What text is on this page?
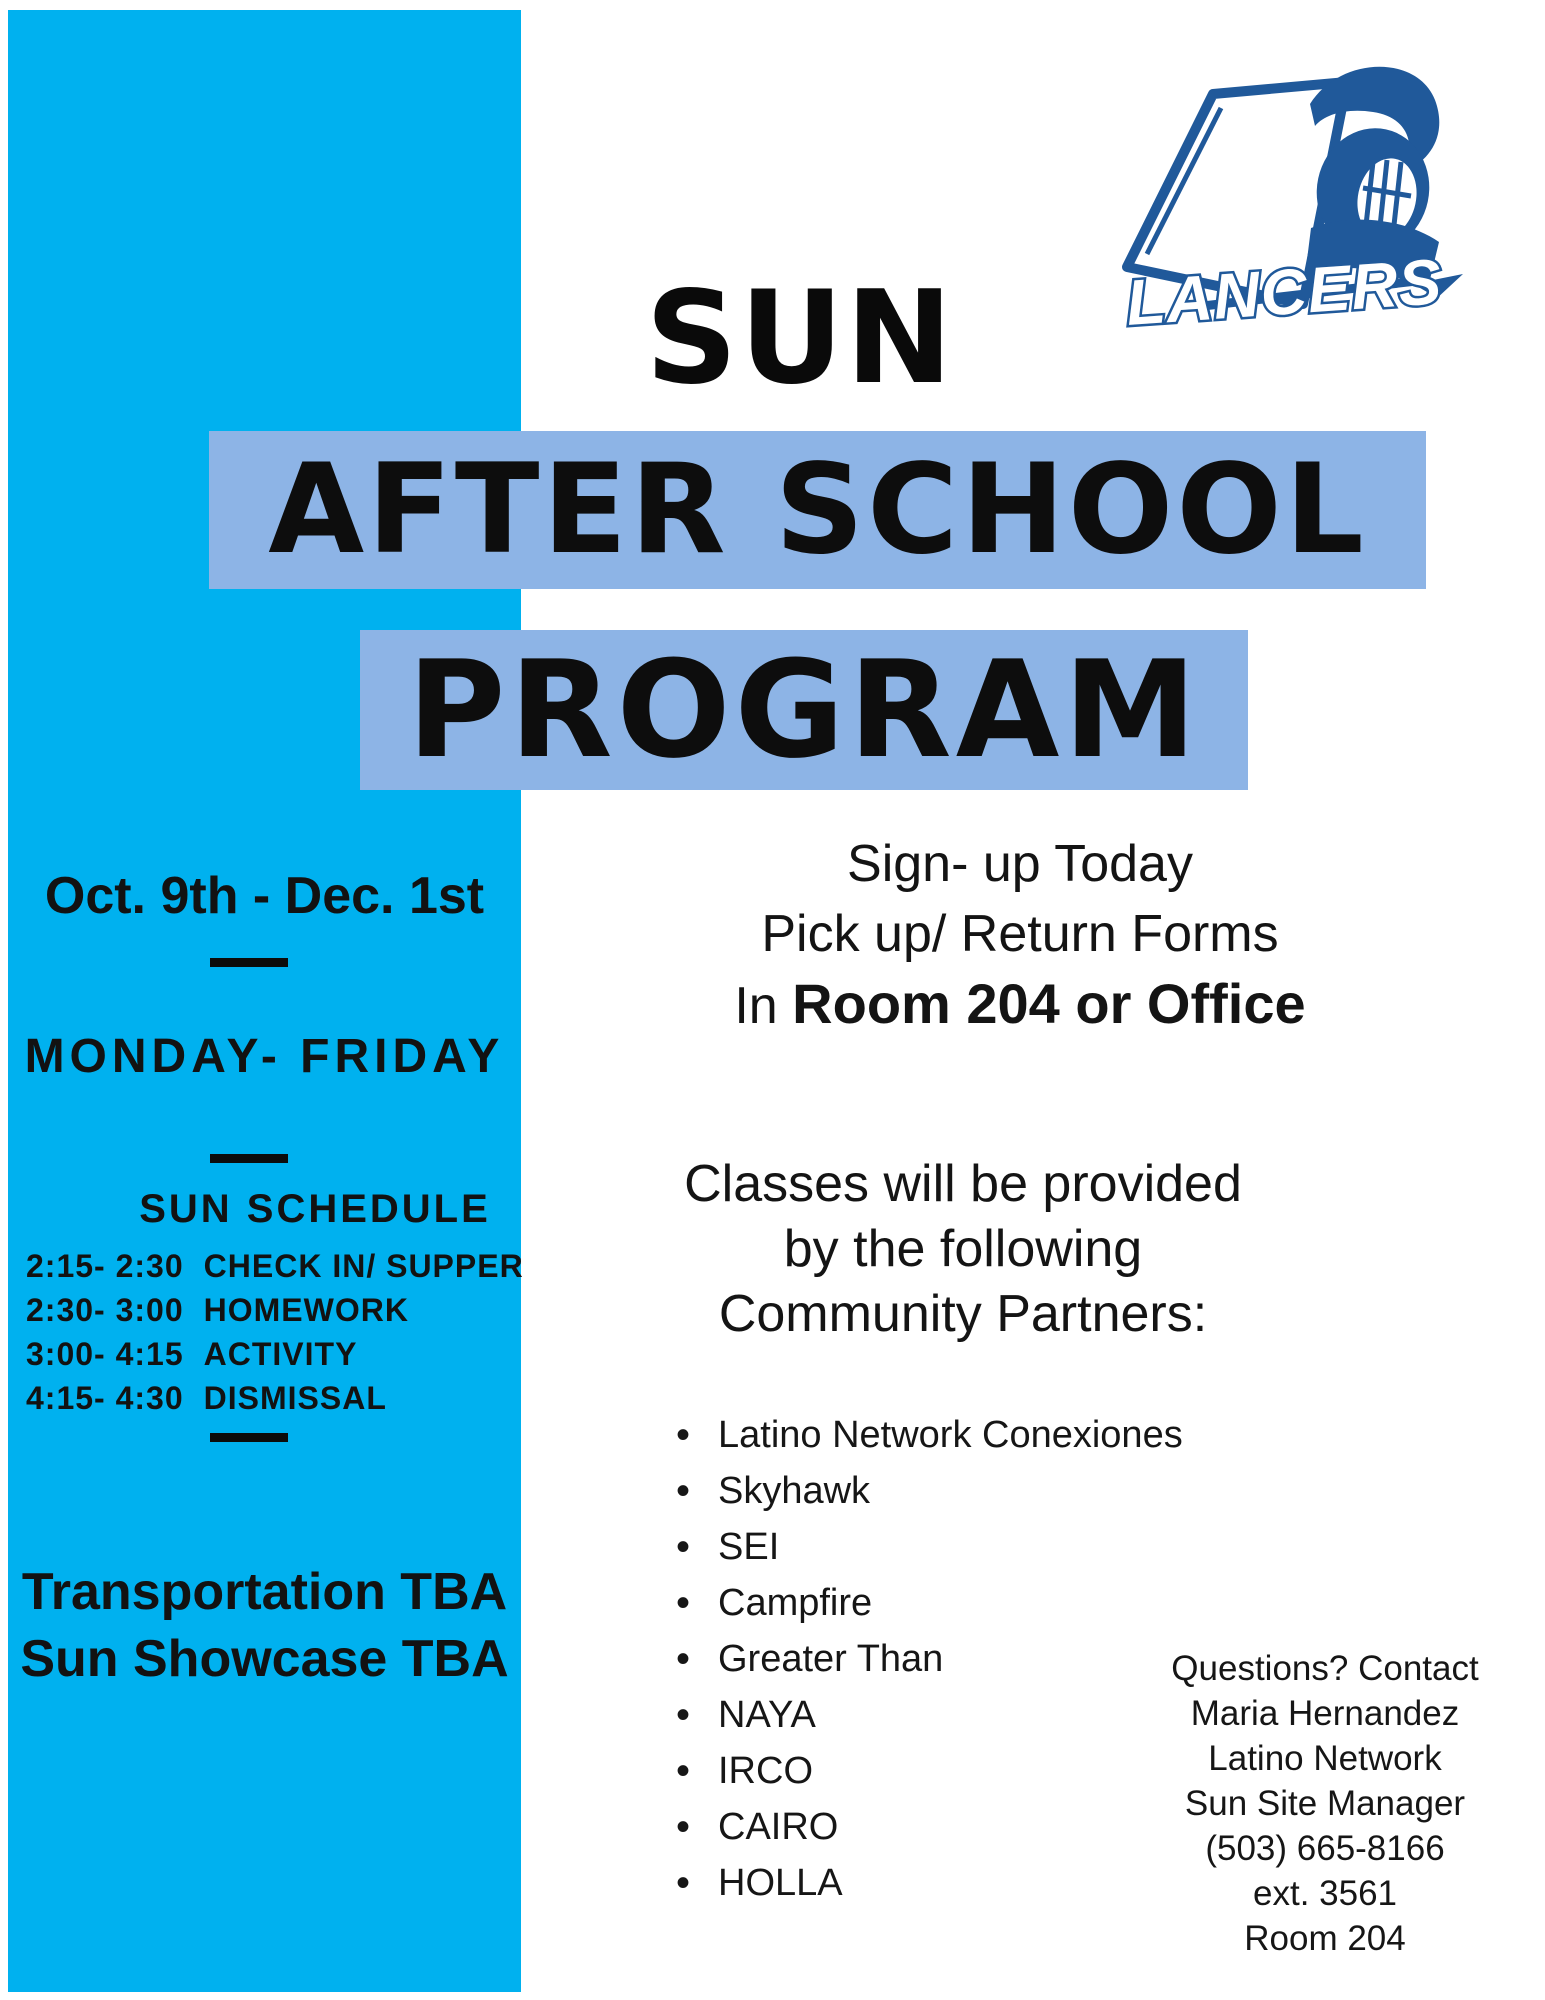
SUN
AFTER SCHOOL
PROGRAM
LANCERS
Oct. 9th - Dec. 1st
MONDAY- FRIDAY
SUN SCHEDULE
2:15- 2:30 CHECK IN/ SUPPER
2:30- 3:00 HOMEWORK
3:00- 4:15 ACTIVITY
4:15- 4:30 DISMISSAL
Transportation TBA
Sun Showcase TBA
Sign- up Today
Pick up/ Return Forms
In Room 204 or Office
Classes will be provided
by the following
Community Partners:
• Latino Network Conexiones
• Skyhawk
• SEI
• Campfire
• Greater Than
• NAYA
• IRCO
• CAIRO
• HOLLA
Questions? Contact
Maria Hernandez
Latino Network
Sun Site Manager
(503) 665-8166
ext. 3561
Room 204
